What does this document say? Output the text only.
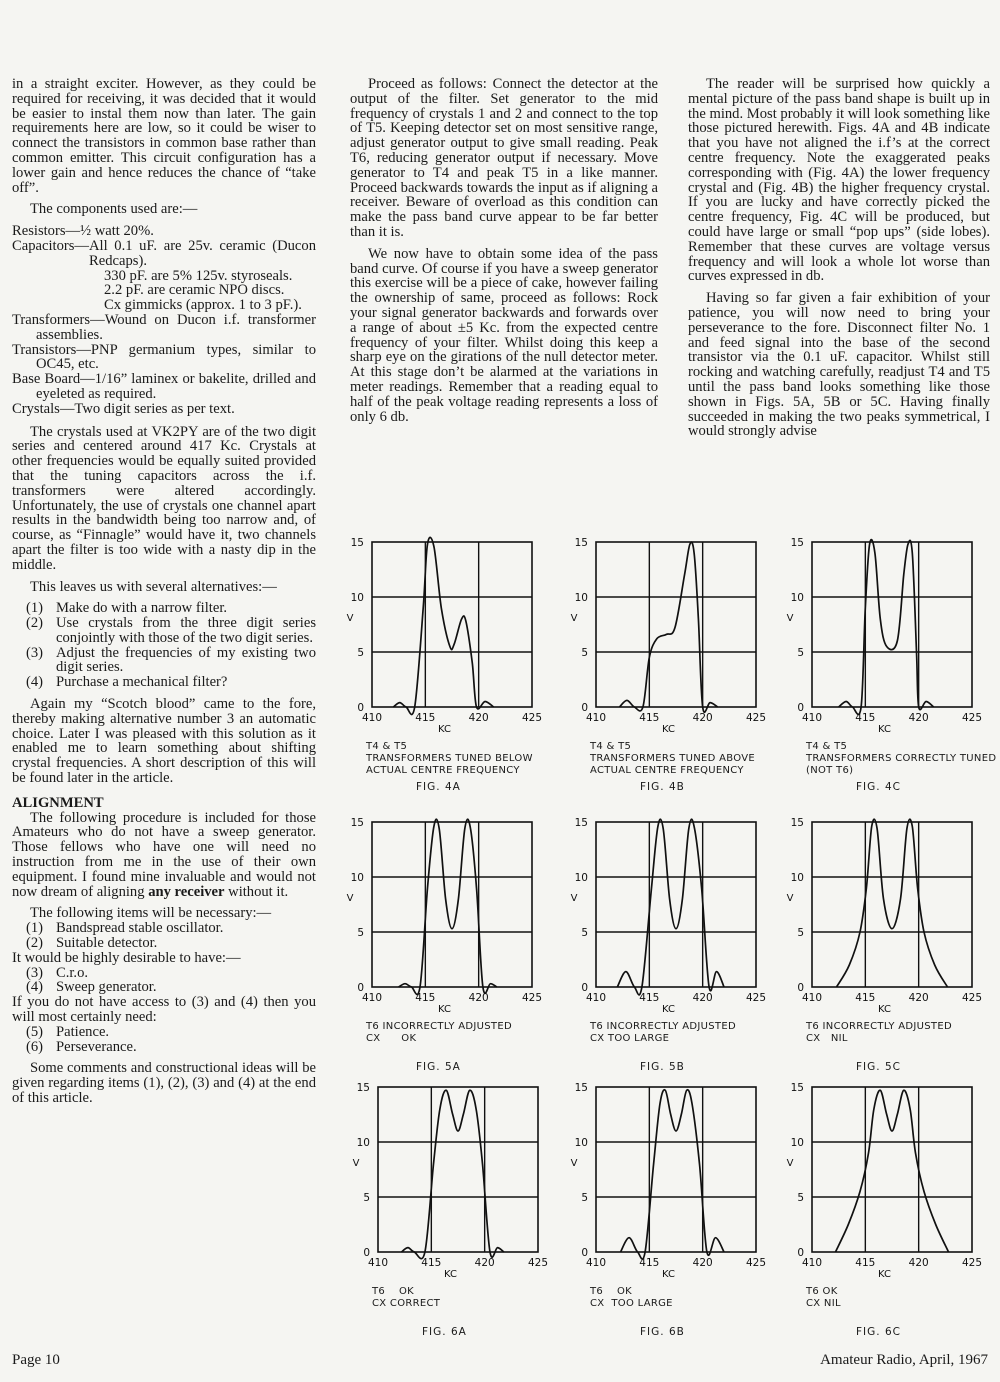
in a straight exciter. However, as they could be required for receiving, it was decided that it would be easier to instal them now than later. The gain requirements here are low, so it could be wiser to connect the transistors in common base rather than common emitter. This circuit configuration has a lower gain and hence reduces the chance of “take off”.

The components used are:—

Resistors— ½ watt 20%.
Capacitors— All 0.1 uF. are 25v. ceramic (Ducon Redcaps).
330 pF. are 5% 125v. styroseals.
2.2 pF. are ceramic NPO discs.
Cx gimmicks (approx. 1 to 3 pF.).
Transformers—Wound on Ducon i.f. transformer assemblies.
Transistors—PNP germanium types, similar to OC45, etc.
Base Board—1/16” laminex or bakelite, drilled and eyeleted as required.
Crystals—Two digit series as per text.

The crystals used at VK2PY are of the two digit series and centered around 417 Kc. Crystals at other frequencies would be equally suited provided that the tuning capacitors across the i.f. transformers were altered accordingly. Unfortunately, the use of crystals one channel apart results in the bandwidth being too narrow and, of course, as “Finnagle” would have it, two channels apart the filter is too wide with a nasty dip in the middle.

This leaves us with several alternatives:—

(1) Make do with a narrow filter.
(2) Use crystals from the three digit series conjointly with those of the two digit series.
(3) Adjust the frequencies of my existing two digit series.
(4) Purchase a mechanical filter?

Again my “Scotch blood” came to the fore, thereby making alternative number 3 an automatic choice. Later I was pleased with this solution as it enabled me to learn something about shifting crystal frequencies. A short description of this will be found later in the article.

ALIGNMENT

The following procedure is included for those Amateurs who do not have a sweep generator. Those fellows who have one will need no instruction from me in the use of their own equipment. I found mine invaluable and would not now dream of aligning any receiver without it.

The following items will be necessary:—

(1) Bandspread stable oscillator.
(2) Suitable detector.
It would be highly desirable to have:—
(3) C.r.o.
(4) Sweep generator.
If you do not have access to (3) and (4) then you will most certainly need:
(5) Patience.
(6) Perseverance.

Some comments and constructional ideas will be given regarding items (1), (2), (3) and (4) at the end of this article.

Proceed as follows: Connect the detector at the output of the filter. Set generator to the mid frequency of crystals 1 and 2 and connect to the top of T5. Keeping detector set on most sensitive range, adjust generator output to give small reading. Peak T6, reducing generator output if necessary. Move generator to T4 and peak T5 in a like manner. Proceed backwards towards the input as if aligning a receiver. Beware of overload as this condition can make the pass band curve appear to be far better than it is.

We now have to obtain some idea of the pass band curve. Of course if you have a sweep generator this exercise will be a piece of cake, however failing the ownership of same, proceed as follows: Rock your signal generator backwards and forwards over a range of about ±5 Kc. from the expected centre frequency of your filter. Whilst doing this keep a sharp eye on the girations of the null detector meter. At this stage don’t be alarmed at the variations in meter readings. Remember that a reading equal to half of the peak voltage reading represents a loss of only 6 db.

The reader will be surprised how quickly a mental picture of the pass band shape is built up in the mind. Most probably it will look something like those pictured herewith. Figs. 4A and 4B indicate that you have not aligned the i.f’s at the correct centre frequency. Note the exaggerated peaks corresponding with (Fig. 4A) the lower frequency crystal and (Fig. 4B) the higher frequency crystal. If you are lucky and have correctly picked the centre frequency, Fig. 4C will be produced, but could have large or small “pop ups” (side lobes). Remember that these curves are voltage versus frequency and will look a whole lot worse than curves expressed in db.

Having so far given a fair exhibition of your patience, you will now need to bring your perseverance to the fore. Disconnect filter No. 1 and feed signal into the base of the second transistor via the 0.1 uF. capacitor. Whilst still rocking and watching carefully, readjust T4 and T5 until the pass band looks something like those shown in Figs. 5A, 5B or 5C. Having finally succeeded in making the two peaks symmetrical, I would strongly advise

0
5
10
15
410	415	420	425
V
KC
T4 & T5
TRANSFORMERS TUNED BELOW
ACTUAL CENTRE FREQUENCY
FIG. 4A
0
5
10
15
410	415	420	425
V
KC
T4 & T5
TRANSFORMERS TUNED ABOVE
ACTUAL CENTRE FREQUENCY
FIG. 4B
0
5
10
15
410	415	420	425
V
KC
T4 & T5
TRANSFORMERS CORRECTLY TUNED
(NOT T6)
FIG. 4C
0
5
10
15
410	415	420	425
V
KC
T6 INCORRECTLY ADJUSTED
CX      OK
FIG. 5A
0
5
10
15
410	415	420	425
V
KC
T6 INCORRECTLY ADJUSTED
CX TOO LARGE
FIG. 5B
0
5
10
15
410	415	420	425
V
KC
T6 INCORRECTLY ADJUSTED
CX   NIL
FIG. 5C
0
5
10
15
410	415	420	425
V
KC
T6    OK
CX CORRECT
FIG. 6A
0
5
10
15
410	415	420	425
V
KC
T6    OK
CX  TOO LARGE
FIG. 6B
0
5
10
15
410	415	420	425
V
KC
T6 OK
CX NIL
FIG. 6C
Page 10	Amateur Radio, April, 1967
